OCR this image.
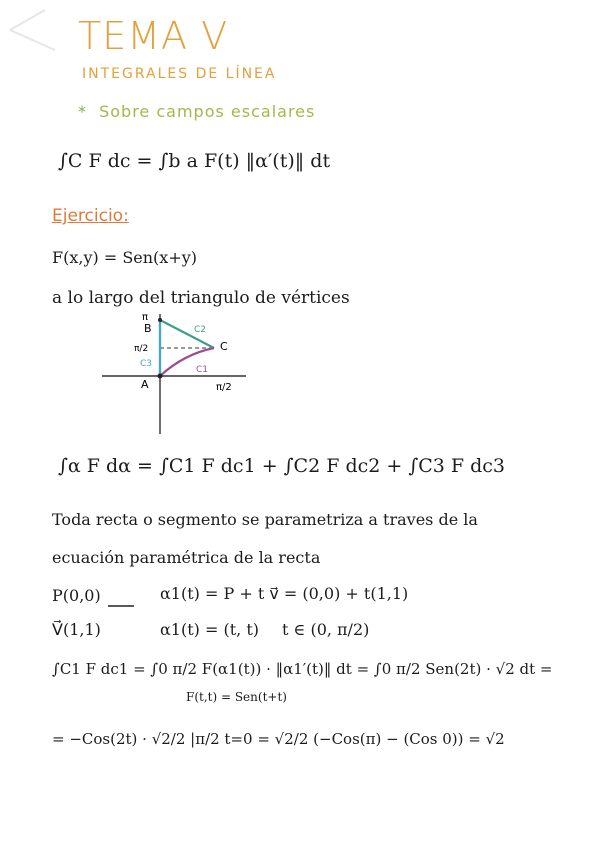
TEMA V
INTEGRALES DE LÍNEA
* Sobre campos escalares
∫C F dc = ∫b a F(t) ‖α′(t)‖ dt
Ejercicio:
F(x,y) = Sen(x+y)
a lo largo del triangulo de vértices
π
B
π/2
A
C
π/2
C1
C2
C3
∫α F dα = ∫C1 F dc1 + ∫C2 F dc2 + ∫C3 F dc3
Toda recta o segmento se parametriza a traves de la
ecuación paramétrica de la recta
P(0,0)	α1(t) = P + t v⃗ = (0,0) + t(1,1)
V⃗(1,1)	α1(t) = (t, t) t ∈ (0, π/2)
∫C1 F dc1 = ∫0 π/2 F(α1(t)) · ‖α1′(t)‖ dt = ∫0 π/2 Sen(2t) · √2 dt =
F(t,t) = Sen(t+t)
= −Cos(2t) · √2/2 |π/2 t=0 = √2/2 (−Cos(π) − (Cos 0)) = √2
